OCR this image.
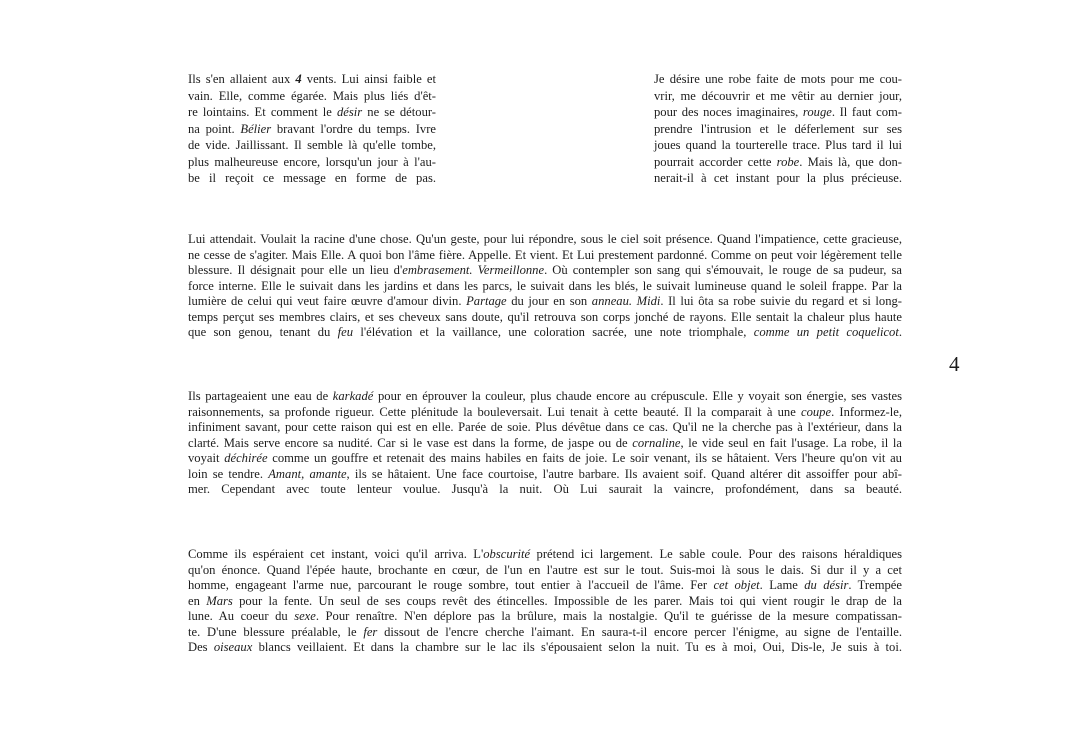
Ils s'en allaient aux 4 vents. Lui ainsi faible et
vain. Elle, comme égarée. Mais plus liés d'êt-
re lointains. Et comment le désir ne se détour-
na point. Bélier bravant l'ordre du temps. Ivre
de vide. Jaillissant. Il semble là qu'elle tombe,
plus malheureuse encore, lorsqu'un jour à l'au-
be il reçoit ce message en forme de pas.
Je désire une robe faite de mots pour me cou-
vrir, me découvrir et me vêtir au dernier jour,
pour des noces imaginaires, rouge. Il faut com-
prendre l'intrusion et le déferlement sur ses
joues quand la tourterelle trace. Plus tard il lui
pourrait accorder cette robe. Mais là, que don-
nerait-il à cet instant pour la plus précieuse.
Lui attendait. Voulait la racine d'une chose. Qu'un geste, pour lui répondre, sous le ciel soit présence. Quand l'impatience, cette gracieuse,
ne cesse de s'agiter. Mais Elle. A quoi bon l'âme fière. Appelle. Et vient. Et Lui prestement pardonné. Comme on peut voir légèrement telle
blessure. Il désignait pour elle un lieu d'embrasement. Vermeillonne. Où contempler son sang qui s'émouvait, le rouge de sa pudeur, sa
force interne. Elle le suivait dans les jardins et dans les parcs, le suivait dans les blés, le suivait lumineuse quand le soleil frappe. Par la
lumière de celui qui veut faire œuvre d'amour divin. Partage du jour en son anneau. Midi. Il lui ôta sa robe suivie du regard et si long-
temps perçut ses membres clairs, et ses cheveux sans doute, qu'il retrouva son corps jonché de rayons. Elle sentait la chaleur plus haute
que son genou, tenant du feu l'élévation et la vaillance, une coloration sacrée, une note triomphale, comme un petit coquelicot.
4
Ils partageaient une eau de karkadé pour en éprouver la couleur, plus chaude encore au crépuscule. Elle y voyait son énergie, ses vastes
raisonnements, sa profonde rigueur. Cette plénitude la bouleversait. Lui tenait à cette beauté. Il la comparait à une coupe. Informez-le,
infiniment savant, pour cette raison qui est en elle. Parée de soie. Plus dévêtue dans ce cas. Qu'il ne la cherche pas à l'extérieur, dans la
clarté. Mais serve encore sa nudité. Car si le vase est dans la forme, de jaspe ou de cornaline, le vide seul en fait l'usage. La robe, il la
voyait déchirée comme un gouffre et retenait des mains habiles en faits de joie. Le soir venant, ils se hâtaient. Vers l'heure qu'on vit au
loin se tendre. Amant, amante, ils se hâtaient. Une face courtoise, l'autre barbare. Ils avaient soif. Quand altérer dit assoiffer pour abî-
mer. Cependant avec toute lenteur voulue. Jusqu'à la nuit. Où Lui saurait la vaincre, profondément, dans sa beauté.
Comme ils espéraient cet instant, voici qu'il arriva. L'obscurité prétend ici largement. Le sable coule. Pour des raisons héraldiques
qu'on énonce. Quand l'épée haute, brochante en cœur, de l'un en l'autre est sur le tout. Suis-moi là sous le dais. Si dur il y a cet
homme, engageant l'arme nue, parcourant le rouge sombre, tout entier à l'accueil de l'âme. Fer cet objet. Lame du désir. Trempée
en Mars pour la fente. Un seul de ses coups revêt des étincelles. Impossible de les parer. Mais toi qui vient rougir le drap de la
lune. Au coeur du sexe. Pour renaître. N'en déplore pas la brûlure, mais la nostalgie. Qu'il te guérisse de la mesure compatissan-
te. D'une blessure préalable, le fer dissout de l'encre cherche l'aimant. En saura-t-il encore percer l'énigme, au signe de l'entaille.
Des oiseaux blancs veillaient. Et dans la chambre sur le lac ils s'épousaient selon la nuit. Tu es à moi, Oui, Dis-le, Je suis à toi.
